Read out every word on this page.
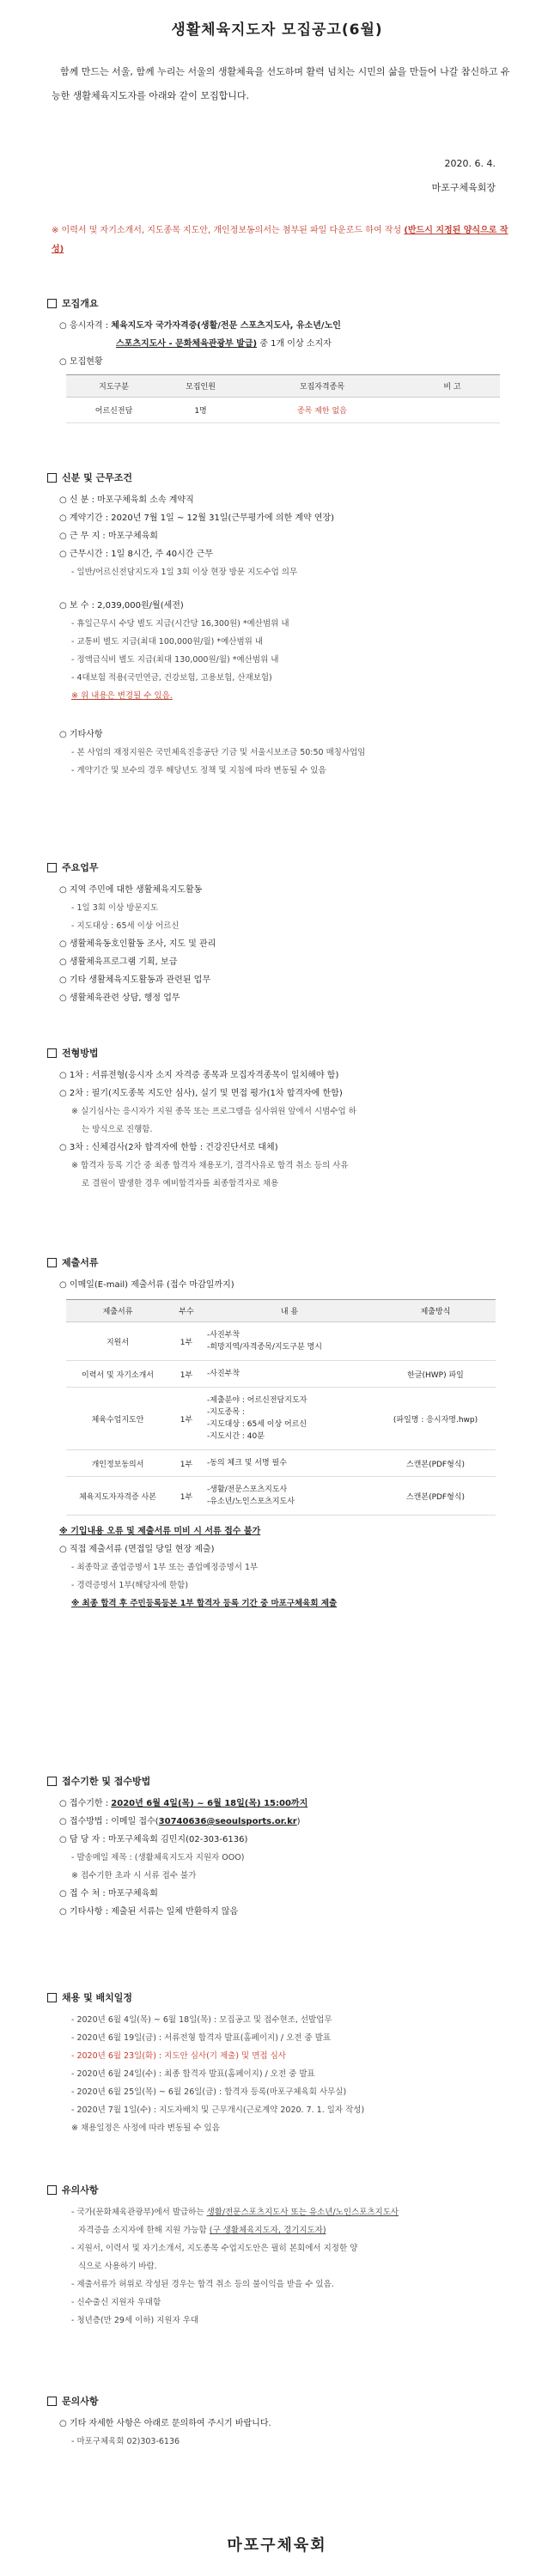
생활체육지도자 모집공고(6월)
함께 만드는 서울, 함께 누리는 서울의 생활체육을 선도하며 활력 넘치는 시민의 삶을 만들어 나갈 참신하고 유능한 생활체육지도자를 아래와 같이 모집합니다.
2020. 6. 4.
마포구체육회장
※ 이력서 및 자기소개서, 지도종목 지도안, 개인정보동의서는 첨부된 파일 다운로드 하여 작성 (반드시 지정된 양식으로 작성)
모집개요
○ 응시자격 : 체육지도자 국가자격증(생활/전문 스포츠지도사, 유소년/노인
스포츠지도사 - 문화체육관광부 발급) 중 1개 이상 소지자
○ 모집현황
지도구분	모집인원	모집자격종목	비 고
어르신전담	1명	종목 제한 없음	
신분 및 근무조건
○ 신 분 : 마포구체육회 소속 계약직
○ 계약기간 : 2020년 7월 1일 ~ 12월 31일(근무평가에 의한 계약 연장)
○ 근 무 지 : 마포구체육회
○ 근무시간 : 1일 8시간, 주 40시간 근무
- 일반/어르신전담지도자 1일 3회 이상 현장 방문 지도수업 의무
○ 보 수 : 2,039,000원/월(세전)
- 휴일근무시 수당 별도 지급(시간당 16,300원) *예산범위 내
- 교통비 별도 지급(최대 100,000원/월) *예산범위 내
- 정액급식비 별도 지급(최대 130,000원/월) *예산범위 내
- 4대보험 적용(국민연금, 건강보험, 고용보험, 산재보험)
※ 위 내용은 변경될 수 있음.
○ 기타사항
- 본 사업의 재정지원은 국민체육진흥공단 기금 및 서울시보조금 50:50 매칭사업임
- 계약기간 및 보수의 경우 해당년도 정책 및 지침에 따라 변동될 수 있음
주요업무
○ 지역 주민에 대한 생활체육지도활동
- 1일 3회 이상 방문지도
- 지도대상 : 65세 이상 어르신
○ 생활체육동호인활동 조사, 지도 및 관리
○ 생활체육프로그램 기획, 보급
○ 기타 생활체육지도활동과 관련된 업무
○ 생활체육관련 상담, 행정 업무
전형방법
○ 1차 : 서류전형(응시자 소지 자격증 종목과 모집자격종목이 일치해야 함)
○ 2차 : 필기(지도종목 지도안 심사), 실기 및 면접 평가(1차 합격자에 한함)
※ 실기심사는 응시자가 지원 종목 또는 프로그램을 심사위원 앞에서 시범수업 하
는 방식으로 진행함.
○ 3차 : 신체검사(2차 합격자에 한함 : 건강진단서로 대체)
※ 합격자 등록 기간 중 최종 합격자 채용포기, 결격사유로 합격 취소 등의 사유
로 결원이 발생한 경우 예비합격자를 최종합격자로 채용
제출서류
○ 이메일(E-mail) 제출서류 (접수 마감일까지)
제출서류	부수	내 용	제출방식
지원서	1부	-사진부착
-희망지역/자격종목/지도구분 명시	

이력서 및 자기소개서	1부	-사진부착	한글(HWP) 파일
체육수업지도안	1부	-제출분야 : 어르신전담지도자
-지도종목 :
-지도대상 : 65세 이상 어르신
-지도시간 : 40분	(파일명 : 응시자명.hwp)
개인정보동의서	1부	-동의 체크 및 서명 필수	스캔본(PDF형식)
체육지도자자격증 사본	1부	-생활/전문스포츠지도사
-유소년/노인스포츠지도사	스캔본(PDF형식)
※ 기입내용 오류 및 제출서류 미비 시 서류 접수 불가
○ 직접 제출서류 (면접일 당일 현장 제출)
- 최종학교 졸업증명서 1부 또는 졸업예정증명서 1부
- 경력증명서 1부(해당자에 한함)
※ 최종 합격 후 주민등록등본 1부 합격자 등록 기간 중 마포구체육회 제출
접수기한 및 접수방법
○ 접수기한 : 2020년 6월 4일(목) ~ 6월 18일(목) 15:00까지
○ 접수방법 : 이메일 접수(30740636@seoulsports.or.kr)
○ 담 당 자 : 마포구체육회 김민지(02-303-6136)
- 발송메일 제목 : (생활체육지도자 지원자 OOO)
※ 접수기한 초과 시 서류 접수 불가
○ 접 수 처 : 마포구체육회
○ 기타사항 : 제출된 서류는 일체 반환하지 않음
채용 및 배치일정
- 2020년 6월 4일(목) ~ 6월 18일(목) : 모집공고 및 접수현조, 선발업무
- 2020년 6월 19일(금) : 서류전형 합격자 발표(홈페이지) / 오전 중 발표
- 2020년 6월 23일(화) : 지도안 심사(기 제출) 및 면접 심사
- 2020년 6월 24일(수) : 최종 합격자 발표(홈페이지) / 오전 중 발표
- 2020년 6월 25일(목) ~ 6월 26일(금) : 합격자 등록(마포구체육회 사무실)
- 2020년 7월 1일(수) : 지도자배치 및 근무개시(근로계약 2020. 7. 1. 일자 작성)
※ 채용일정은 사정에 따라 변동될 수 있음
유의사항
- 국가(문화체육관광부)에서 발급하는 생활/전문스포츠지도사 또는 유소년/노인스포츠지도사
자격증을 소지자에 한해 지원 가능함 (구 생활체육지도자, 경기지도자)
- 지원서, 이력서 및 자기소개서, 지도종목 수업지도안은 필히 본회에서 지정한 양
식으로 사용하기 바람.
- 제출서류가 허위로 작성된 경우는 합격 취소 등의 불이익을 받을 수 있음.
- 신수출신 지원자 우대함
- 청년층(만 29세 이하) 지원자 우대
문의사항
○ 기타 자세한 사항은 아래로 문의하여 주시기 바랍니다.
- 마포구체육회 02)303-6136
마포구체육회
